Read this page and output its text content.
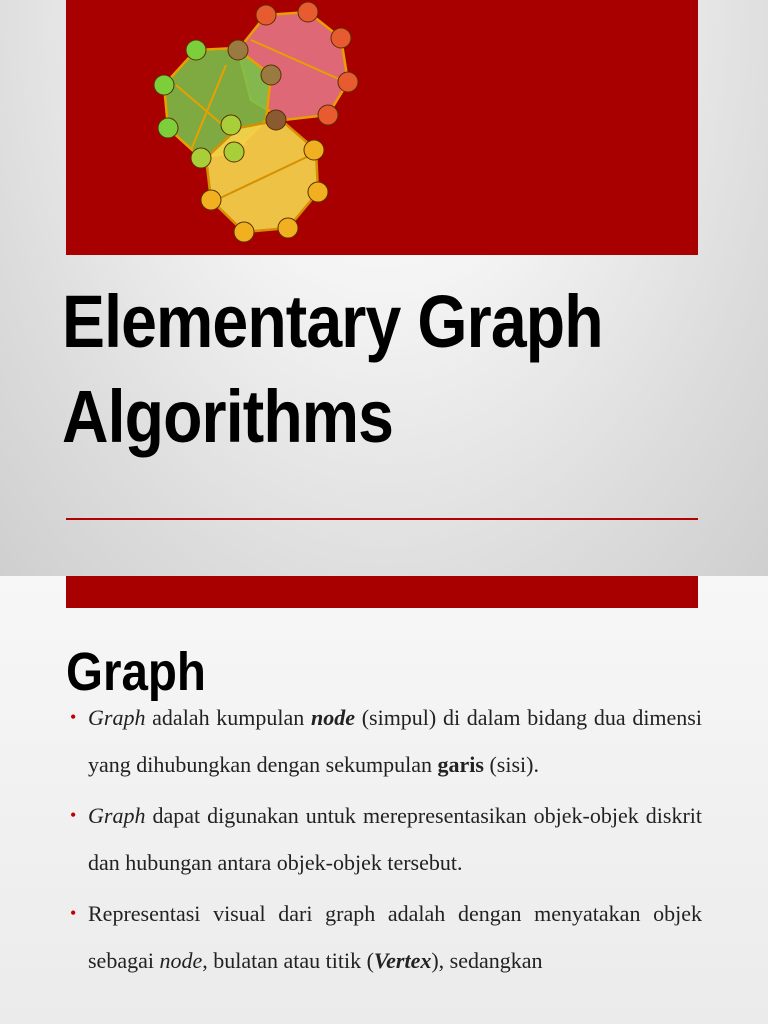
Elementary Graph
Algorithms
Graph
• Graph adalah kumpulan node (simpul) di dalam bidang dua dimensi yang dihubungkan dengan sekumpulan garis (sisi).
• Graph dapat digunakan untuk merepresentasikan objek-objek diskrit dan hubungan antara objek-objek tersebut.
• Representasi visual dari graph adalah dengan menyatakan objek sebagai node, bulatan atau titik (Vertex), sedangkan
